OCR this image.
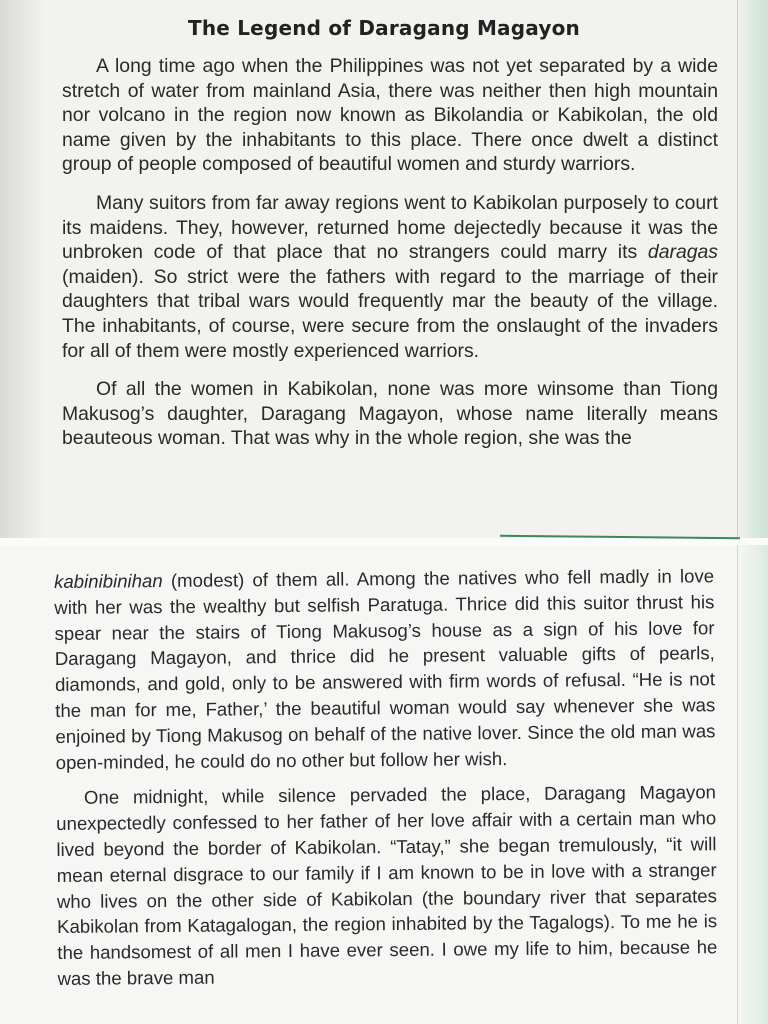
The Legend of Daragang Magayon

A long time ago when the Philippines was not yet separated by a wide stretch of water from mainland Asia, there was neither then high mountain nor volcano in the region now known as Bikolandia or Kabikolan, the old name given by the inhabitants to this place. There once dwelt a distinct group of people composed of beautiful women and sturdy warriors.

Many suitors from far away regions went to Kabikolan purposely to court its maidens. They, however, returned home dejectedly because it was the unbroken code of that place that no strangers could marry its daragas (maiden). So strict were the fathers with regard to the marriage of their daughters that tribal wars would frequently mar the beauty of the village. The inhabitants, of course, were secure from the onslaught of the invaders for all of them were mostly experienced warriors.

Of all the women in Kabikolan, none was more winsome than Tiong Makusog’s daughter, Daragang Magayon, whose name literally means beauteous woman. That was why in the whole region, she was the

kabinibinihan (modest) of them all. Among the natives who fell madly in love with her was the wealthy but selfish Paratuga. Thrice did this suitor thrust his spear near the stairs of Tiong Makusog’s house as a sign of his love for Daragang Magayon, and thrice did he present valuable gifts of pearls, diamonds, and gold, only to be answered with firm words of refusal. “He is not the man for me, Father,’ the beautiful woman would say whenever she was enjoined by Tiong Makusog on behalf of the native lover. Since the old man was open-minded, he could do no other but follow her wish.

One midnight, while silence pervaded the place, Daragang Magayon unexpectedly confessed to her father of her love affair with a certain man who lived beyond the border of Kabikolan. “Tatay,” she began tremulously, “it will mean eternal disgrace to our family if I am known to be in love with a stranger who lives on the other side of Kabikolan (the boundary river that separates Kabikolan from Katagalogan, the region inhabited by the Tagalogs). To me he is the handsomest of all men I have ever seen. I owe my life to him, because he was the brave man
